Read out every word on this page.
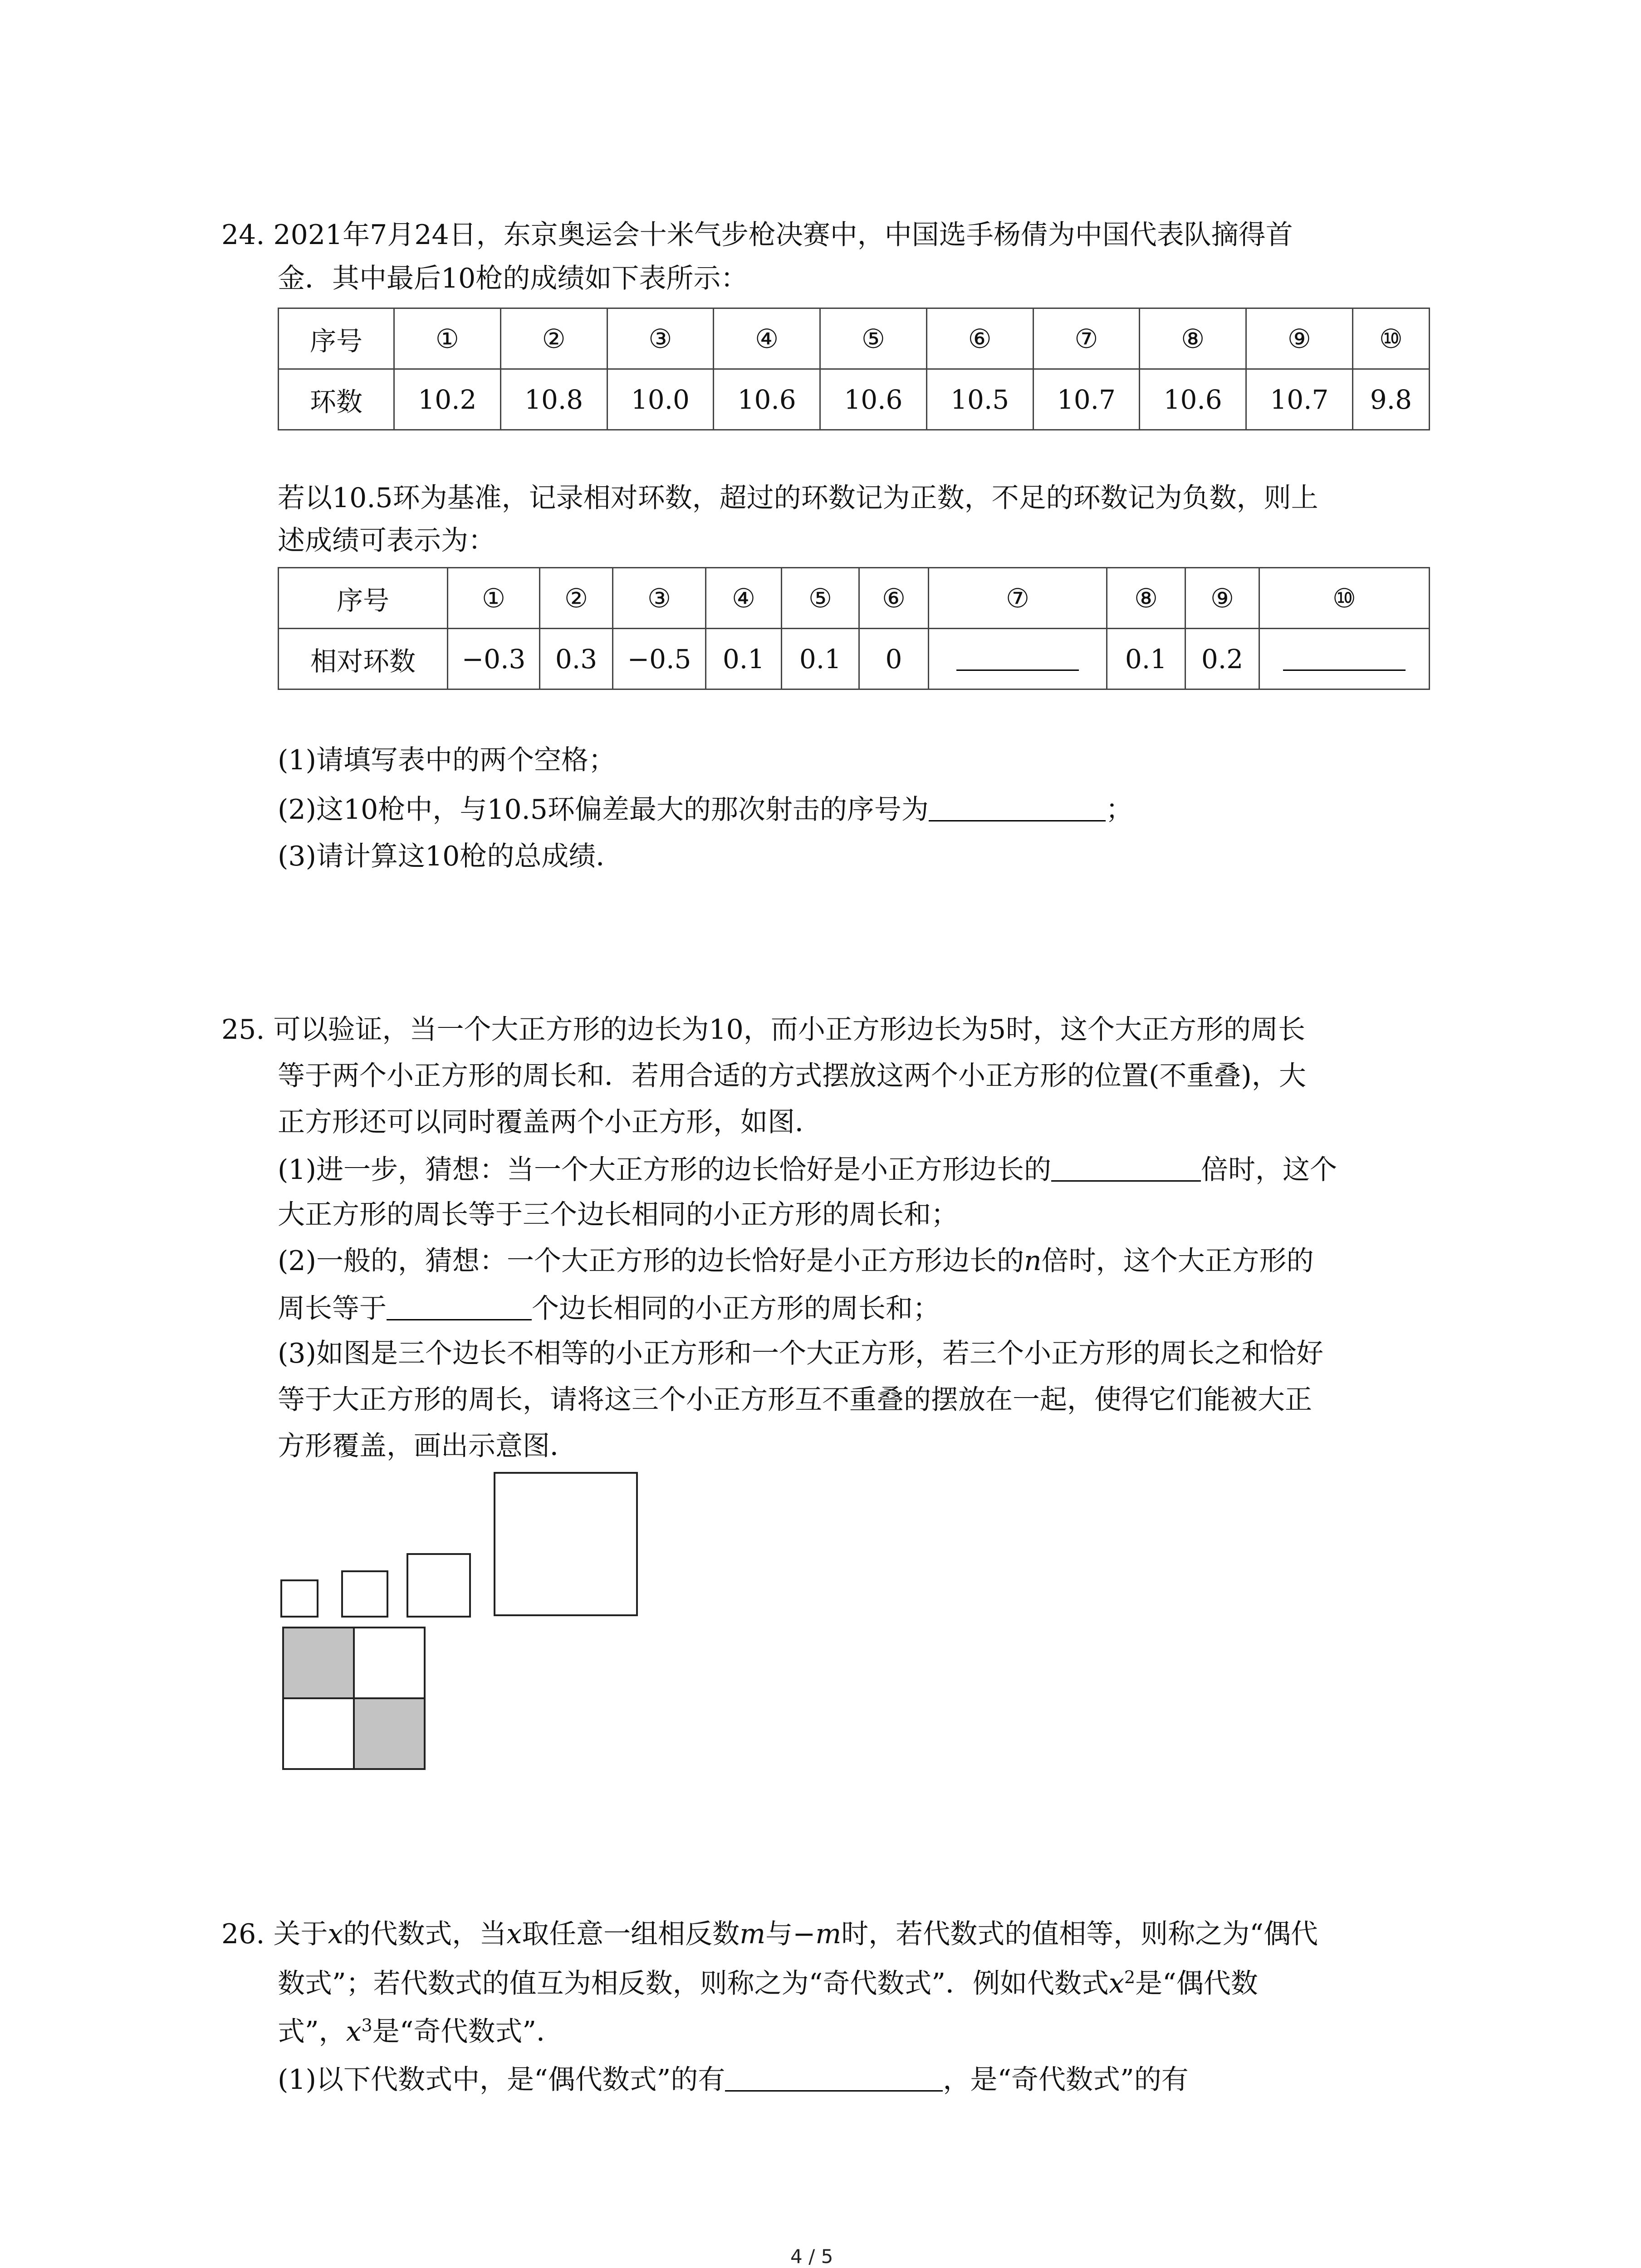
24. 2021年7月24日，东京奥运会十米气步枪决赛中，中国选手杨倩为中国代表队摘得首
金．其中最后10枪的成绩如下表所示：
序号	①	②	③	④	⑤	⑥	⑦	⑧	⑨	⑩
环数	10.2	10.8	10.0	10.6	10.6	10.5	10.7	10.6	10.7	9.8
若以10.5环为基准，记录相对环数，超过的环数记为正数，不足的环数记为负数，则上
述成绩可表示为：
序号	①	②	③	④	⑤	⑥	⑦	⑧	⑨	⑩
相对环数	−0.3	0.3	−0.5	0.1	0.1	0		0.1	0.2	
(1)请填写表中的两个空格；
(2)这10枪中，与10.5环偏差最大的那次射击的序号为	；
(3)请计算这10枪的总成绩．
25. 可以验证，当一个大正方形的边长为10，而小正方形边长为5时，这个大正方形的周长
等于两个小正方形的周长和．若用合适的方式摆放这两个小正方形的位置(不重叠)，大
正方形还可以同时覆盖两个小正方形，如图．
(1)进一步，猜想：当一个大正方形的边长恰好是小正方形边长的	倍时，这个
大正方形的周长等于三个边长相同的小正方形的周长和；
(2)一般的，猜想：一个大正方形的边长恰好是小正方形边长的n倍时，这个大正方形的
周长等于	个边长相同的小正方形的周长和；
(3)如图是三个边长不相等的小正方形和一个大正方形，若三个小正方形的周长之和恰好
等于大正方形的周长，请将这三个小正方形互不重叠的摆放在一起，使得它们能被大正
方形覆盖，画出示意图．
26. 关于x的代数式，当x取任意一组相反数m与−m时，若代数式的值相等，则称之为“偶代
数式”；若代数式的值互为相反数，则称之为“奇代数式”．例如代数式$x^2$是“偶代数
式”，$x^3$是“奇代数式”．
(1)以下代数式中，是“偶代数式”的有	，是“奇代数式”的有
4 / 5
